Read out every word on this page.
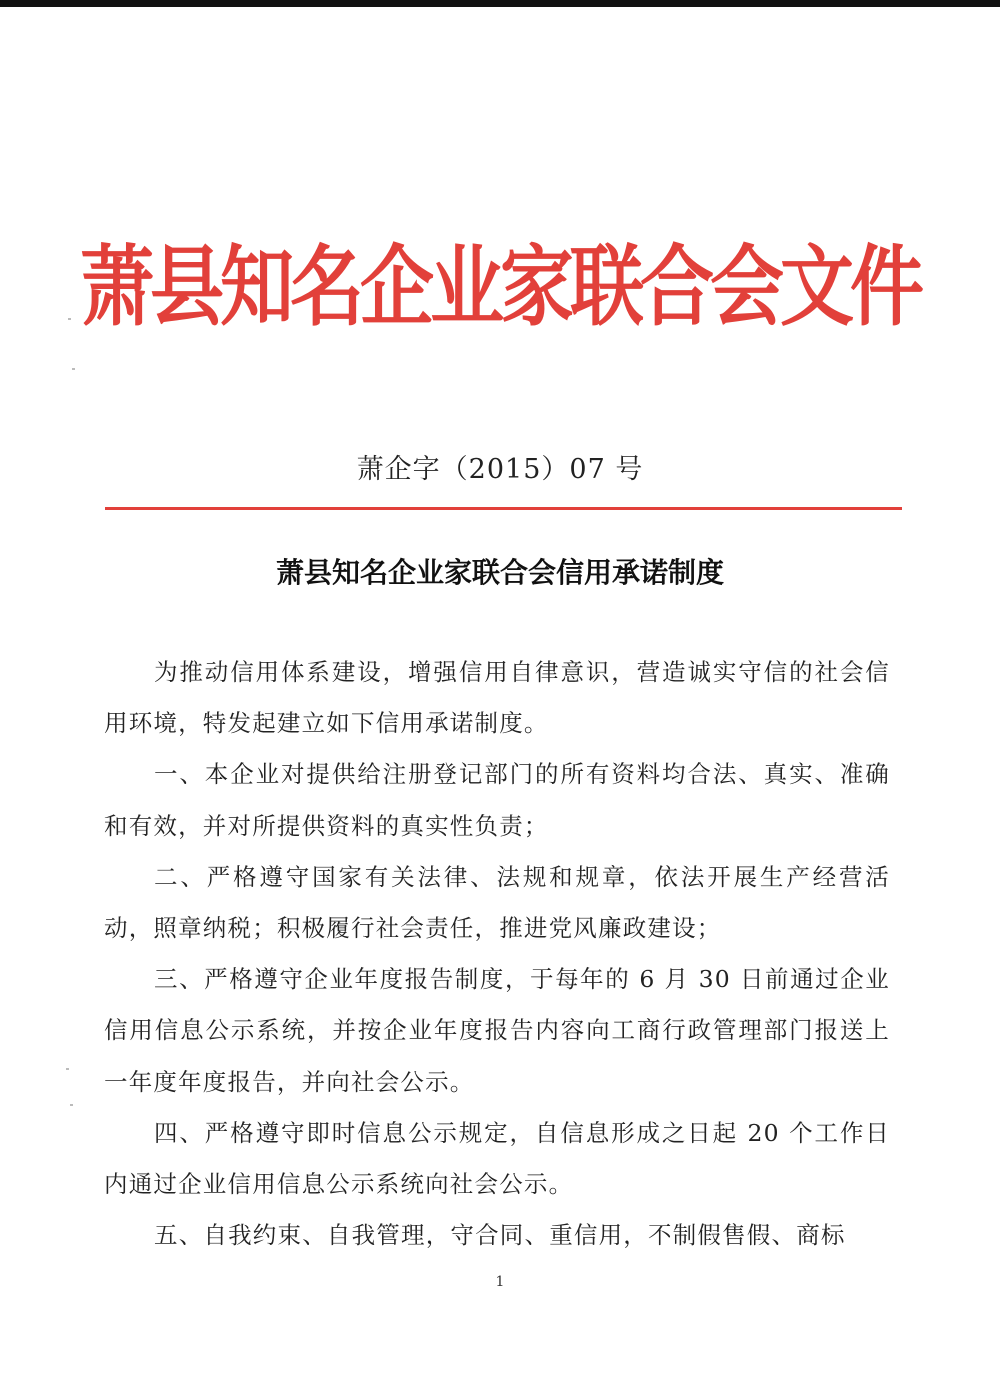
萧县知名企业家联合会文件
萧企字（2015）07 号
萧县知名企业家联合会信用承诺制度

为推动信用体系建设，增强信用自律意识，营造诚实守信的社会信用环境，特发起建立如下信用承诺制度。

一、本企业对提供给注册登记部门的所有资料均合法、真实、准确和有效，并对所提供资料的真实性负责；

二、严格遵守国家有关法律、法规和规章，依法开展生产经营活动，照章纳税；积极履行社会责任，推进党风廉政建设；

三、严格遵守企业年度报告制度，于每年的 6 月 30 日前通过企业信用信息公示系统，并按企业年度报告内容向工商行政管理部门报送上一年度年度报告，并向社会公示。

四、严格遵守即时信息公示规定，自信息形成之日起 20 个工作日内通过企业信用信息公示系统向社会公示。

五、自我约束、自我管理，守合同、重信用，不制假售假、商标

1
